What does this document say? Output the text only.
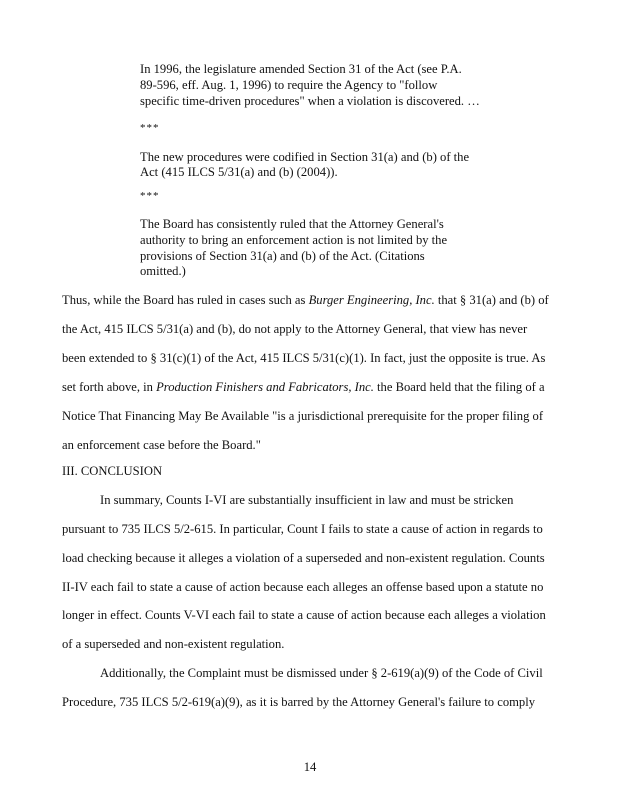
In 1996, the legislature amended Section 31 of the Act (see P.A.
89-596, eff. Aug. 1, 1996) to require the Agency to "follow
specific time-driven procedures" when a violation is discovered. …
***
The new procedures were codified in Section 31(a) and (b) of the
Act (415 ILCS 5/31(a) and (b) (2004)).
***
The Board has consistently ruled that the Attorney General's
authority to bring an enforcement action is not limited by the
provisions of Section 31(a) and (b) of the Act. (Citations
omitted.)
Thus, while the Board has ruled in cases such as Burger Engineering, Inc. that § 31(a) and (b) of
the Act, 415 ILCS 5/31(a) and (b), do not apply to the Attorney General, that view has never
been extended to § 31(c)(1) of the Act, 415 ILCS 5/31(c)(1). In fact, just the opposite is true. As
set forth above, in Production Finishers and Fabricators, Inc. the Board held that the filing of a
Notice That Financing May Be Available "is a jurisdictional prerequisite for the proper filing of
an enforcement case before the Board."
III. CONCLUSION
In summary, Counts I-VI are substantially insufficient in law and must be stricken
pursuant to 735 ILCS 5/2-615. In particular, Count I fails to state a cause of action in regards to
load checking because it alleges a violation of a superseded and non-existent regulation. Counts
II-IV each fail to state a cause of action because each alleges an offense based upon a statute no
longer in effect. Counts V-VI each fail to state a cause of action because each alleges a violation
of a superseded and non-existent regulation.
Additionally, the Complaint must be dismissed under § 2-619(a)(9) of the Code of Civil
Procedure, 735 ILCS 5/2-619(a)(9), as it is barred by the Attorney General's failure to comply
14
